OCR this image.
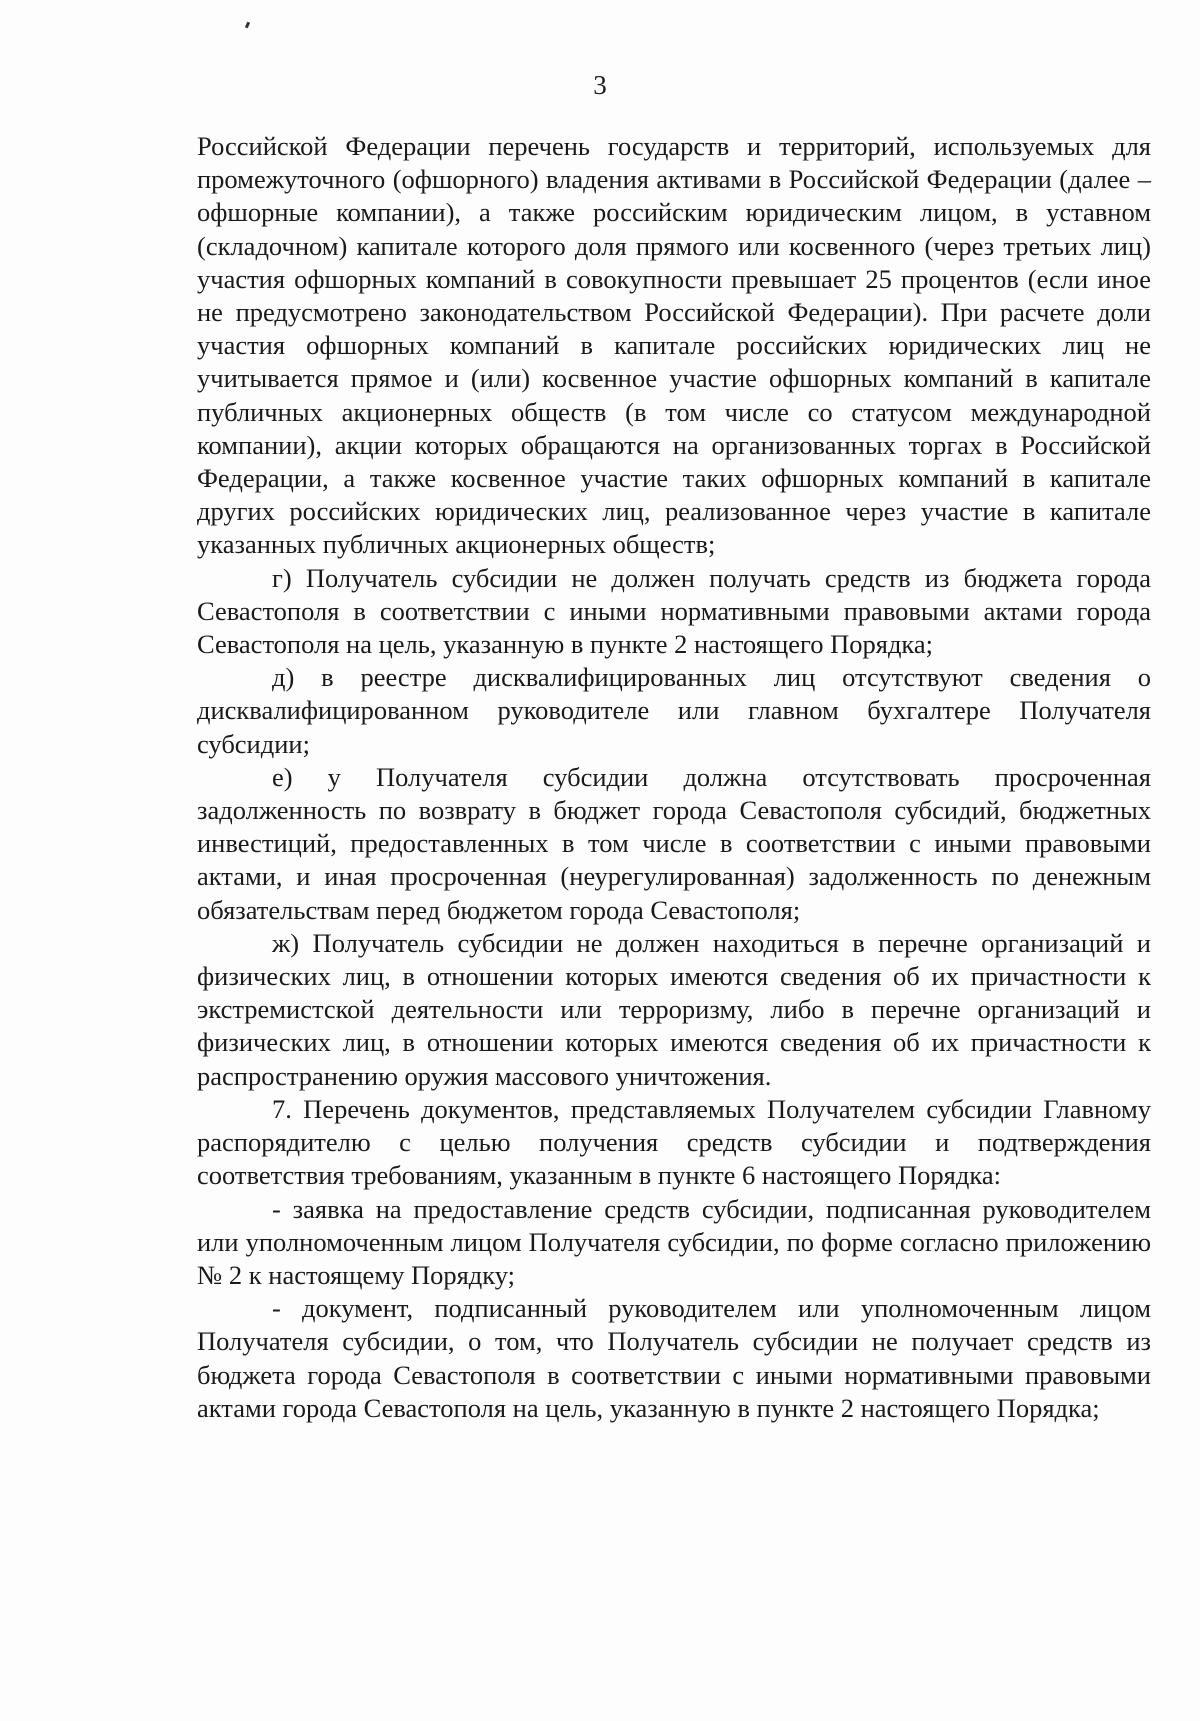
3

Российской Федерации перечень государств и территорий, используемых для промежуточного (офшорного) владения активами в Российской Федерации (далее – офшорные компании), а также российским юридическим лицом, в уставном (складочном) капитале которого доля прямого или косвенного (через третьих лиц) участия офшорных компаний в совокупности превышает 25 процентов (если иное не предусмотрено законодательством Российской Федерации). При расчете доли участия офшорных компаний в капитале российских юридических лиц не учитывается прямое и (или) косвенное участие офшорных компаний в капитале публичных акционерных обществ (в том числе со статусом международной компании), акции которых обращаются на организованных торгах в Российской Федерации, а также косвенное участие таких офшорных компаний в капитале других российских юридических лиц, реализованное через участие в капитале указанных публичных акционерных обществ;

г) Получатель субсидии не должен получать средств из бюджета города Севастополя в соответствии с иными нормативными правовыми актами города Севастополя на цель, указанную в пункте 2 настоящего Порядка;

д) в реестре дисквалифицированных лиц отсутствуют сведения о дисквалифицированном руководителе или главном бухгалтере Получателя субсидии;

е) у Получателя субсидии должна отсутствовать просроченная задолженность по возврату в бюджет города Севастополя субсидий, бюджетных инвестиций, предоставленных в том числе в соответствии с иными правовыми актами, и иная просроченная (неурегулированная) задолженность по денежным обязательствам перед бюджетом города Севастополя;

ж) Получатель субсидии не должен находиться в перечне организаций и физических лиц, в отношении которых имеются сведения об их причастности к экстремистской деятельности или терроризму, либо в перечне организаций и физических лиц, в отношении которых имеются сведения об их причастности к распространению оружия массового уничтожения.

7. Перечень документов, представляемых Получателем субсидии Главному распорядителю с целью получения средств субсидии и подтверждения соответствия требованиям, указанным в пункте 6 настоящего Порядка:

- заявка на предоставление средств субсидии, подписанная руководителем или уполномоченным лицом Получателя субсидии, по форме согласно приложению № 2 к настоящему Порядку;

- документ, подписанный руководителем или уполномоченным лицом Получателя субсидии, о том, что Получатель субсидии не получает средств из бюджета города Севастополя в соответствии с иными нормативными правовыми актами города Севастополя на цель, указанную в пункте 2 настоящего Порядка;
